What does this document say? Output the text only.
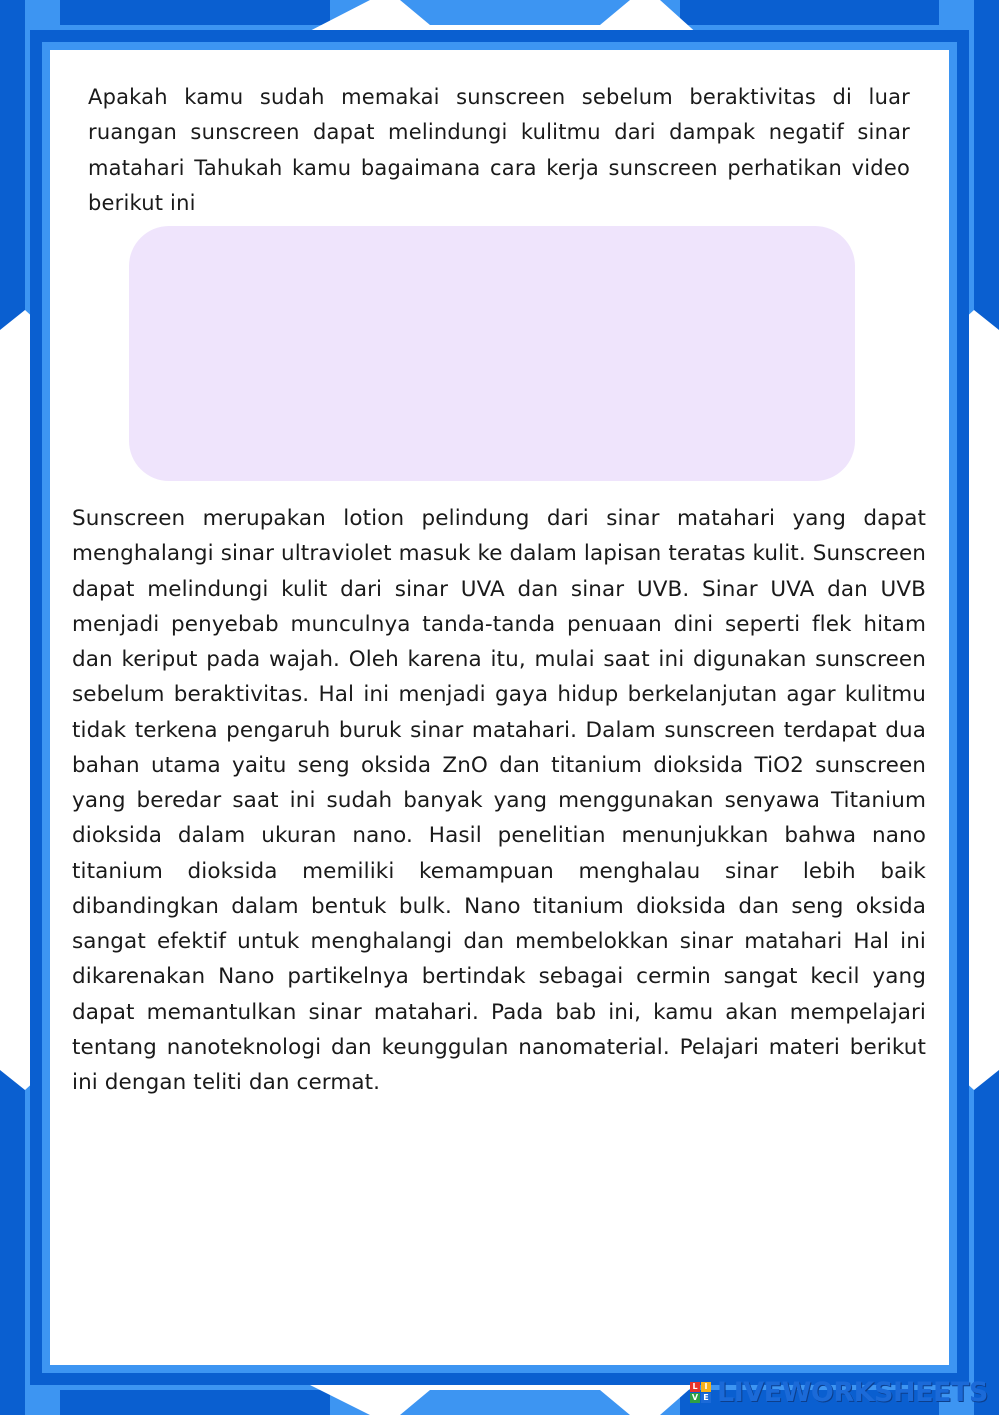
Apakah kamu sudah memakai sunscreen sebelum beraktivitas di luar ruangan sunscreen dapat melindungi kulitmu dari dampak negatif sinar matahari Tahukah kamu bagaimana cara kerja sunscreen perhatikan video berikut ini

Sunscreen merupakan lotion pelindung dari sinar matahari yang dapat menghalangi sinar ultraviolet masuk ke dalam lapisan teratas kulit. Sunscreen dapat melindungi kulit dari sinar UVA dan sinar UVB. Sinar UVA dan UVB menjadi penyebab munculnya tanda-tanda penuaan dini seperti flek hitam dan keriput pada wajah. Oleh karena itu, mulai saat ini digunakan sunscreen sebelum beraktivitas. Hal ini menjadi gaya hidup berkelanjutan agar kulitmu tidak terkena pengaruh buruk sinar matahari. Dalam sunscreen terdapat dua bahan utama yaitu seng oksida ZnO dan titanium dioksida TiO2 sunscreen yang beredar saat ini sudah banyak yang menggunakan senyawa Titanium dioksida dalam ukuran nano. Hasil penelitian menunjukkan bahwa nano titanium dioksida memiliki kemampuan menghalau sinar lebih baik dibandingkan dalam bentuk bulk. Nano titanium dioksida dan seng oksida sangat efektif untuk menghalangi dan membelokkan sinar matahari Hal ini dikarenakan Nano partikelnya bertindak sebagai cermin sangat kecil yang dapat memantulkan sinar matahari. Pada bab ini, kamu akan mempelajari tentang nanoteknologi dan keunggulan nanomaterial. Pelajari materi berikut ini dengan teliti dan cermat.

L I
V E LIVEWORKSHEETS
